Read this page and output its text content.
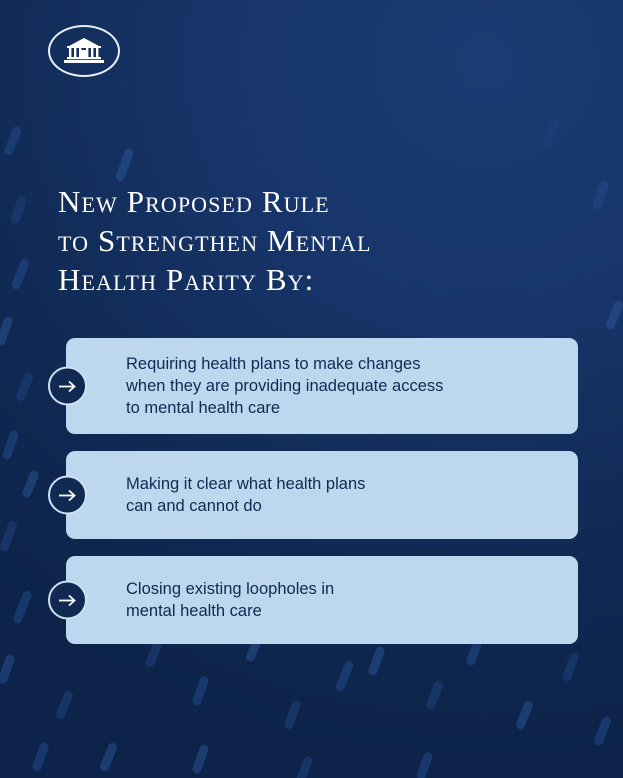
New Proposed Rule
to Strengthen Mental
Health Parity By:
Requiring health plans to make changes
when they are providing inadequate access
to mental health care
Making it clear what health plans
can and cannot do
Closing existing loopholes in
mental health care
